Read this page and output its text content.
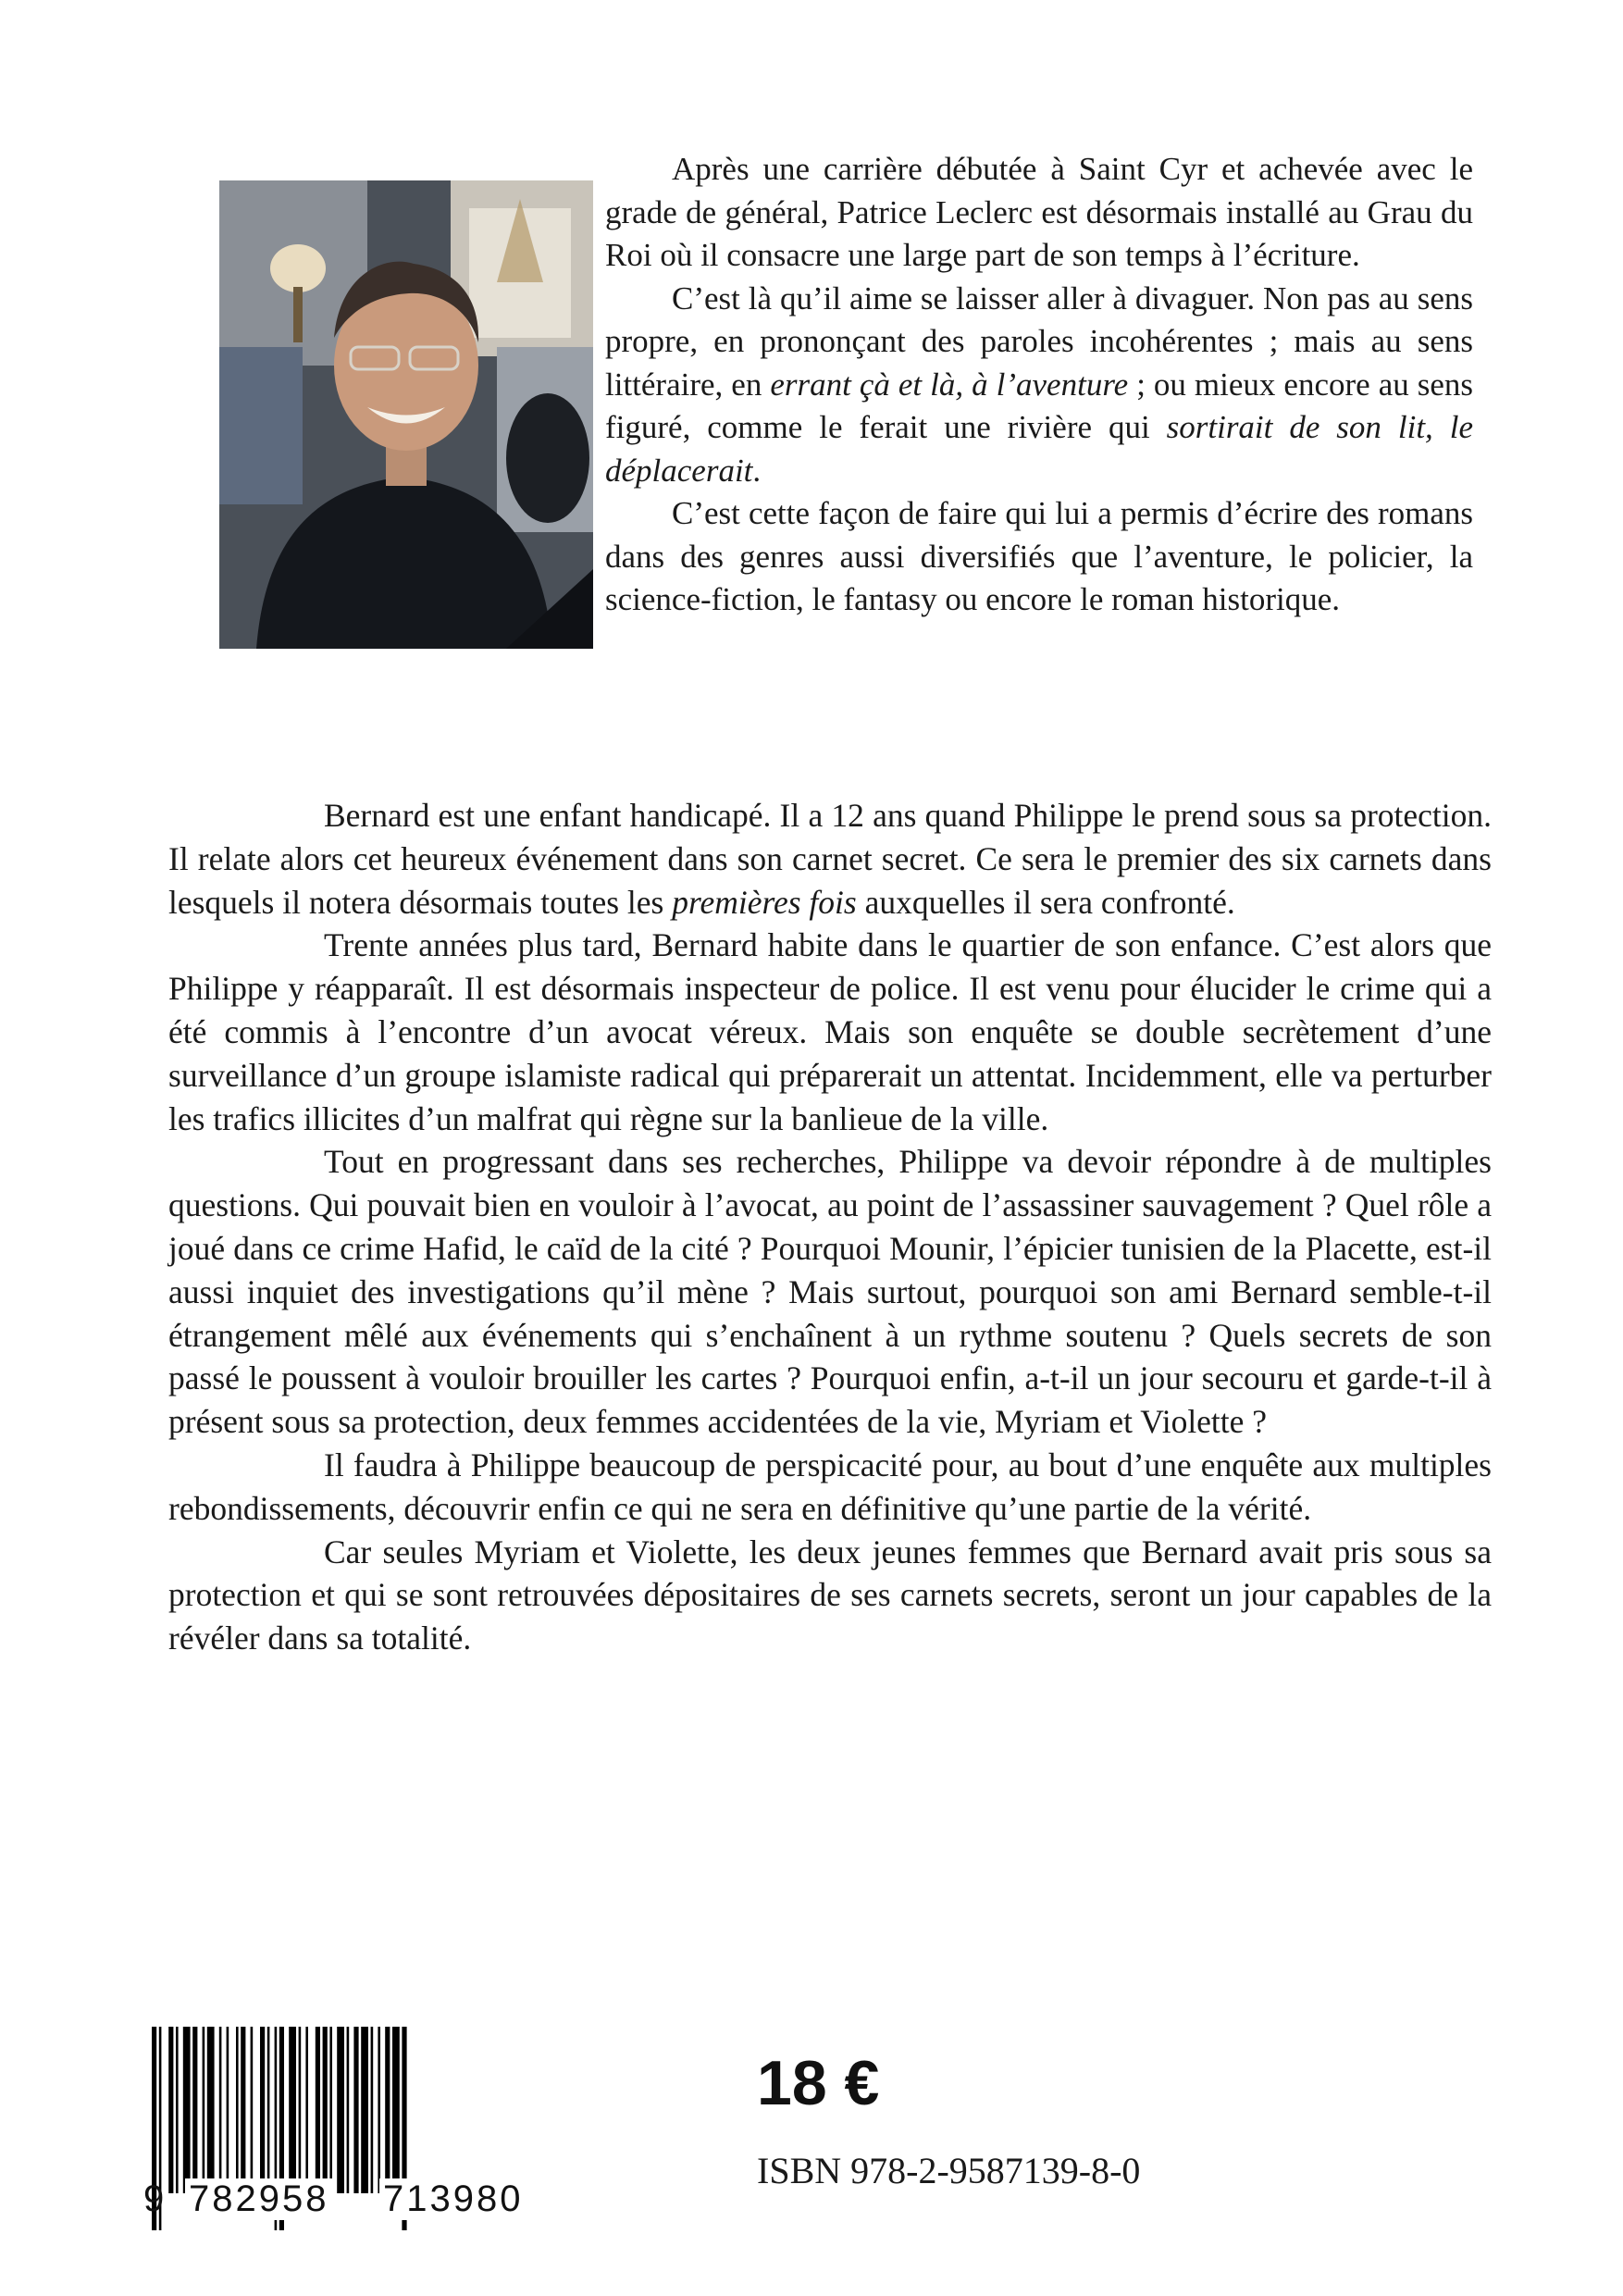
Après une carrière débutée à Saint Cyr et achevée avec le grade de général, Patrice Leclerc est désormais installé au Grau du Roi où il consacre une large part de son temps à l’écriture.

C’est là qu’il aime se laisser aller à divaguer. Non pas au sens propre, en prononçant des paroles incohérentes ; mais au sens littéraire, en errant çà et là, à l’aventure ; ou mieux encore au sens figuré, comme le ferait une rivière qui sortirait de son lit, le déplacerait.

C’est cette façon de faire qui lui a permis d’écrire des romans dans des genres aussi diversifiés que l’aventure, le policier, la science-fiction, le fantasy ou encore le roman historique.

Bernard est une enfant handicapé. Il a 12 ans quand Philippe le prend sous sa protection. Il relate alors cet heureux événement dans son carnet secret. Ce sera le premier des six carnets dans lesquels il notera désormais toutes les premières fois auxquelles il sera confronté.

Trente années plus tard, Bernard habite dans le quartier de son enfance. C’est alors que Philippe y réapparaît. Il est désormais inspecteur de police. Il est venu pour élucider le crime qui a été commis à l’encontre d’un avocat véreux. Mais son enquête se double secrètement d’une surveillance d’un groupe islamiste radical qui préparerait un attentat. Incidemment, elle va perturber les trafics illicites d’un malfrat qui règne sur la banlieue de la ville.

Tout en progressant dans ses recherches, Philippe va devoir répondre à de multiples questions. Qui pouvait bien en vouloir à l’avocat, au point de l’assassiner sauvagement ? Quel rôle a joué dans ce crime Hafid, le caïd de la cité ? Pourquoi Mounir, l’épicier tunisien de la Placette, est-il aussi inquiet des investigations qu’il mène ? Mais surtout, pourquoi son ami Bernard semble-t-il étrangement mêlé aux événements qui s’enchaînent à un rythme soutenu ? Quels secrets de son passé le poussent à vouloir brouiller les cartes ? Pourquoi enfin, a-t-il un jour secouru et garde-t-il à présent sous sa protection, deux femmes accidentées de la vie, Myriam et Violette ?

Il faudra à Philippe beaucoup de perspicacité pour, au bout d’une enquête aux multiples rebondissements, découvrir enfin ce qui ne sera en définitive qu’une partie de la vérité.

Car seules Myriam et Violette, les deux jeunes femmes que Bernard avait pris sous sa protection et qui se sont retrouvées dépositaires de ses carnets secrets, seront un jour capables de la révéler dans sa totalité.

9 782958 713980
18 €
ISBN 978-2-9587139-8-0
